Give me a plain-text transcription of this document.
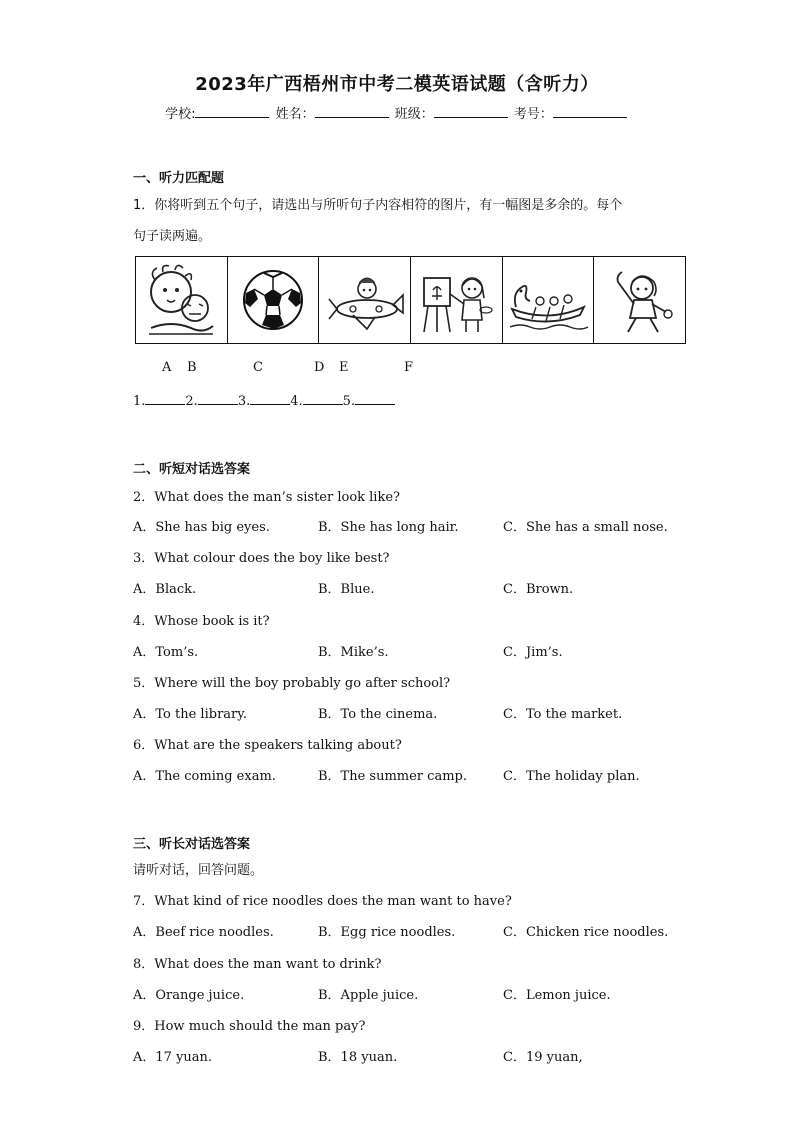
2023年广西梧州市中考二模英语试题（含听力）
学校:	姓名：	班级：	考号：
一、听力匹配题
1．你将听到五个句子，请选出与所听句子内容相符的图片，有一幅图是多余的。每个
句子读两遍。
A B	C	D E	F
1.	2.	3.	4.	5.
二、听短对话选答案
2．What does the man’s sister look like?
A．She has big eyes.	B．She has long hair.	C．She has a small nose.
3．What colour does the boy like best?
A．Black.	B．Blue.	C．Brown.
4．Whose book is it?
A．Tom’s.	B．Mike’s.	C．Jim’s.
5．Where will the boy probably go after school?
A．To the library.	B．To the cinema.	C．To the market.
6．What are the speakers talking about?
A．The coming exam.	B．The summer camp.	C．The holiday plan.
三、听长对话选答案
请听对话，回答问题。
7．What kind of rice noodles does the man want to have?
A．Beef rice noodles.	B．Egg rice noodles.	C．Chicken rice noodles.
8．What does the man want to drink?
A．Orange juice.	B．Apple juice.	C．Lemon juice.
9．How much should the man pay?
A．17 yuan.	B．18 yuan.	C．19 yuan,
